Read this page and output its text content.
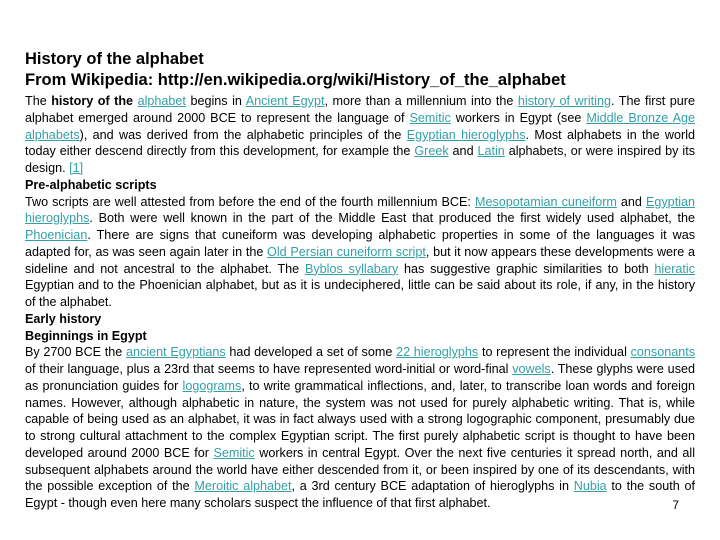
History of the alphabet

From Wikipedia: http://en.wikipedia.org/wiki/History_of_the_alphabet

The history of the alphabet begins in Ancient Egypt, more than a millennium into the history of writing. The first pure alphabet emerged around 2000 BCE to represent the language of Semitic workers in Egypt (see Middle Bronze Age alphabets), and was derived from the alphabetic principles of the Egyptian hieroglyphs. Most alphabets in the world today either descend directly from this development, for example the Greek and Latin alphabets, or were inspired by its design. [1]

Pre-alphabetic scripts

Two scripts are well attested from before the end of the fourth millennium BCE: Mesopotamian cuneiform and Egyptian hieroglyphs. Both were well known in the part of the Middle East that produced the first widely used alphabet, the Phoenician. There are signs that cuneiform was developing alphabetic properties in some of the languages it was adapted for, as was seen again later in the Old Persian cuneiform script, but it now appears these developments were a sideline and not ancestral to the alphabet. The Byblos syllabary has suggestive graphic similarities to both hieratic Egyptian and to the Phoenician alphabet, but as it is undeciphered, little can be said about its role, if any, in the history of the alphabet.

Early history

Beginnings in Egypt

By 2700 BCE the ancient Egyptians had developed a set of some 22 hieroglyphs to represent the individual consonants of their language, plus a 23rd that seems to have represented word-initial or word-final vowels. These glyphs were used as pronunciation guides for logograms, to write grammatical inflections, and, later, to transcribe loan words and foreign names. However, although alphabetic in nature, the system was not used for purely alphabetic writing. That is, while capable of being used as an alphabet, it was in fact always used with a strong logographic component, presumably due to strong cultural attachment to the complex Egyptian script. The first purely alphabetic script is thought to have been developed around 2000 BCE for Semitic workers in central Egypt. Over the next five centuries it spread north, and all subsequent alphabets around the world have either descended from it, or been inspired by one of its descendants, with the possible exception of the Meroitic alphabet, a 3rd century BCE adaptation of hieroglyphs in Nubia to the south of Egypt - though even here many scholars suspect the influence of that first alphabet.	7
